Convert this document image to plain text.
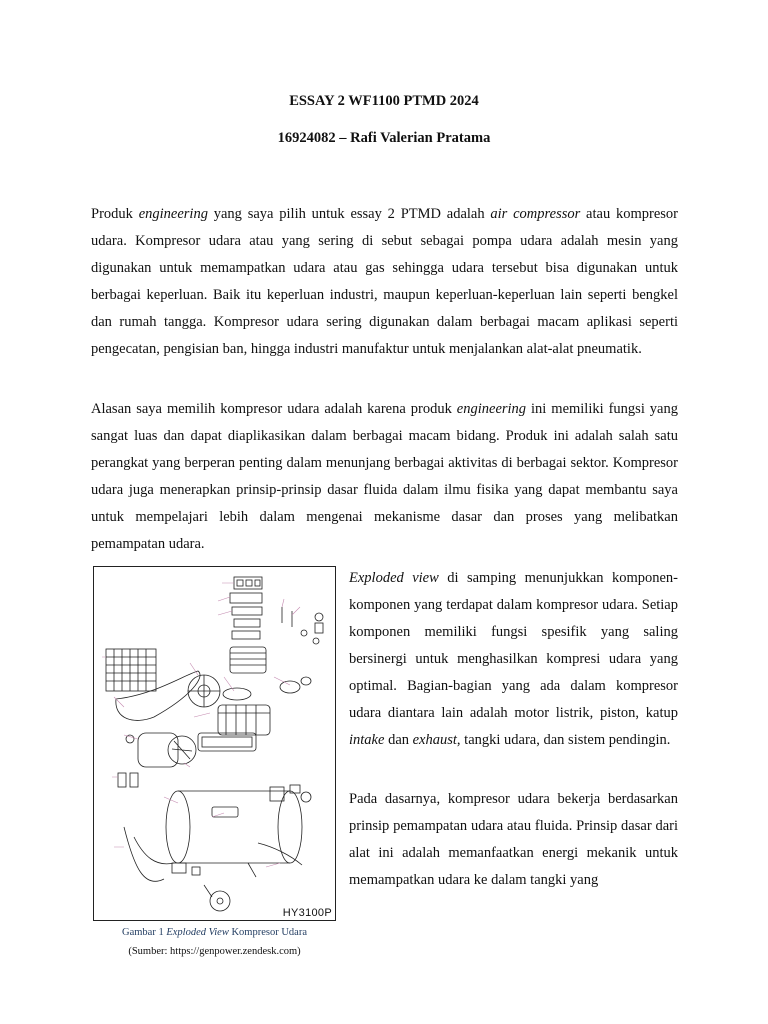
ESSAY 2 WF1100 PTMD 2024
16924082 – Rafi Valerian Pratama

Produk engineering yang saya pilih untuk essay 2 PTMD adalah air compressor atau kompresor udara. Kompresor udara atau yang sering di sebut sebagai pompa udara adalah mesin yang digunakan untuk memampatkan udara atau gas sehingga udara tersebut bisa digunakan untuk berbagai keperluan. Baik itu keperluan industri, maupun keperluan-keperluan lain seperti bengkel dan rumah tangga. Kompresor udara sering digunakan dalam berbagai macam aplikasi seperti pengecatan, pengisian ban, hingga industri manufaktur untuk menjalankan alat-alat pneumatik.

Alasan saya memilih kompresor udara adalah karena produk engineering ini memiliki fungsi yang sangat luas dan dapat diaplikasikan dalam berbagai macam bidang. Produk ini adalah salah satu perangkat yang berperan penting dalam menunjang berbagai aktivitas di berbagai sektor. Kompresor udara juga menerapkan prinsip-prinsip dasar fluida dalam ilmu fisika yang dapat membantu saya untuk mempelajari lebih dalam mengenai mekanisme dasar dan proses yang melibatkan pemampatan udara.

HY3100P
Gambar 1 Exploded View Kompresor Udara
(Sumber: https://genpower.zendesk.com)

Exploded view di samping menunjukkan komponen-komponen yang terdapat dalam kompresor udara. Setiap komponen memiliki fungsi spesifik yang saling bersinergi untuk menghasilkan kompresi udara yang optimal. Bagian-bagian yang ada dalam kompresor udara diantara lain adalah motor listrik, piston, katup intake dan exhaust, tangki udara, dan sistem pendingin.

Pada dasarnya, kompresor udara bekerja berdasarkan prinsip pemampatan udara atau fluida. Prinsip dasar dari alat ini adalah memanfaatkan energi mekanik untuk memampatkan udara ke dalam tangki yang
